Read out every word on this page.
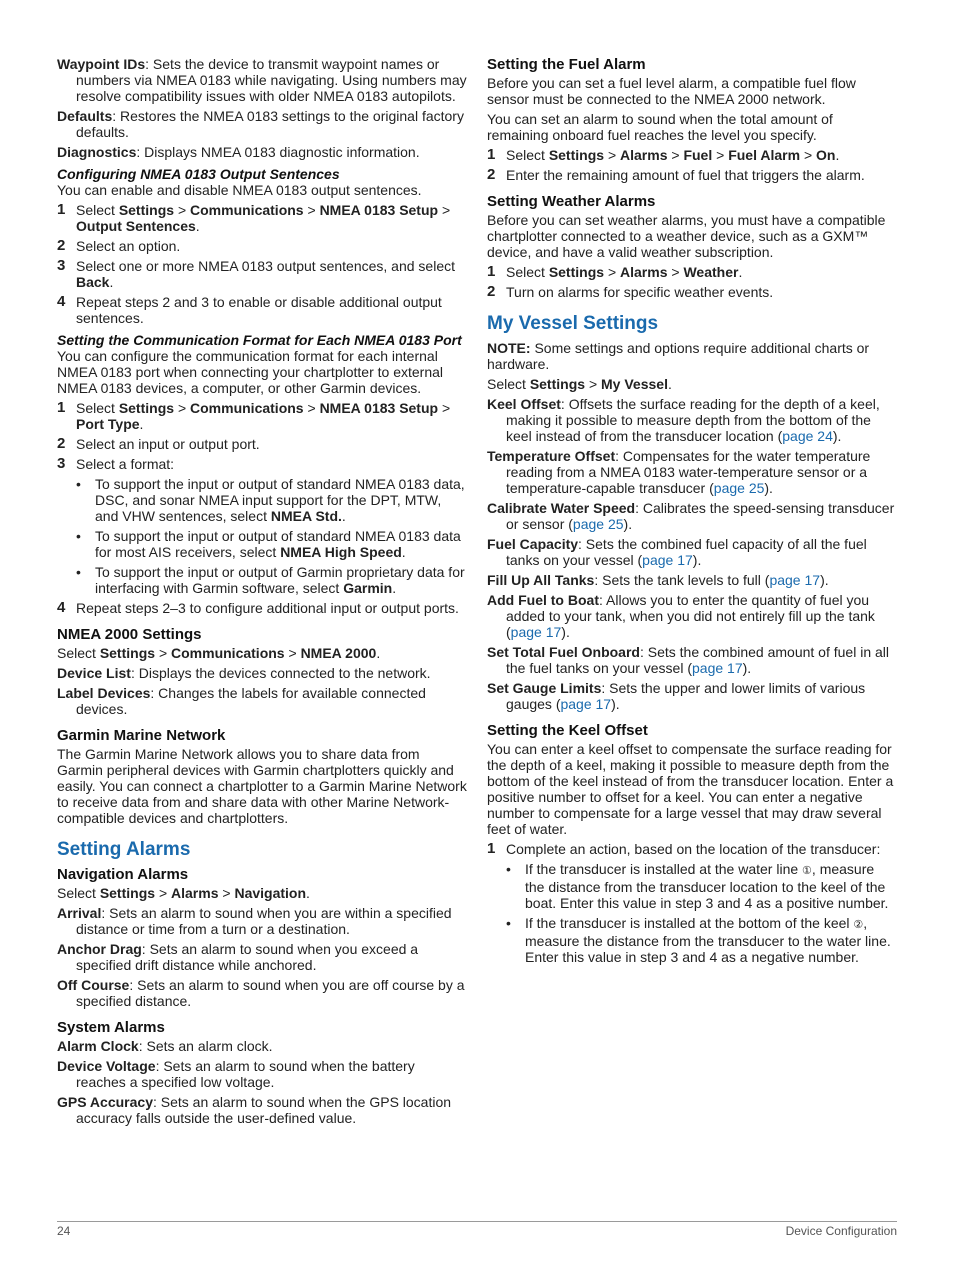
Waypoint IDs: Sets the device to transmit waypoint names or numbers via NMEA 0183 while navigating. Using numbers may resolve compatibility issues with older NMEA 0183 autopilots.

Defaults: Restores the NMEA 0183 settings to the original factory defaults.

Diagnostics: Displays NMEA 0183 diagnostic information.

Configuring NMEA 0183 Output Sentences

You can enable and disable NMEA 0183 output sentences.

1 Select Settings > Communications > NMEA 0183 Setup > Output Sentences.
2 Select an option.
3 Select one or more NMEA 0183 output sentences, and select Back.
4 Repeat steps 2 and 3 to enable or disable additional output sentences.
Setting the Communication Format for Each NMEA 0183 Port

You can configure the communication format for each internal NMEA 0183 port when connecting your chartplotter to external NMEA 0183 devices, a computer, or other Garmin devices.

1 Select Settings > Communications > NMEA 0183 Setup > Port Type.
2 Select an input or output port.
3 Select a format:
•	To support the input or output of standard NMEA 0183 data, DSC, and sonar NMEA input support for the DPT, MTW, and VHW sentences, select NMEA Std..
•	To support the input or output of standard NMEA 0183 data for most AIS receivers, select NMEA High Speed.
•	To support the input or output of Garmin proprietary data for interfacing with Garmin software, select Garmin.
4 Repeat steps 2–3 to configure additional input or output ports.
NMEA 2000 Settings

Select Settings > Communications > NMEA 2000.

Device List: Displays the devices connected to the network.

Label Devices: Changes the labels for available connected devices.

Garmin Marine Network

The Garmin Marine Network allows you to share data from Garmin peripheral devices with Garmin chartplotters quickly and easily. You can connect a chartplotter to a Garmin Marine Network to receive data from and share data with other Marine Network-compatible devices and chartplotters.

Setting Alarms
Navigation Alarms

Select Settings > Alarms > Navigation.

Arrival: Sets an alarm to sound when you are within a specified distance or time from a turn or a destination.

Anchor Drag: Sets an alarm to sound when you exceed a specified drift distance while anchored.

Off Course: Sets an alarm to sound when you are off course by a specified distance.

System Alarms

Alarm Clock: Sets an alarm clock.

Device Voltage: Sets an alarm to sound when the battery reaches a specified low voltage.

GPS Accuracy: Sets an alarm to sound when the GPS location accuracy falls outside the user-defined value.

Setting the Fuel Alarm

Before you can set a fuel level alarm, a compatible fuel flow sensor must be connected to the NMEA 2000 network.

You can set an alarm to sound when the total amount of remaining onboard fuel reaches the level you specify.

1 Select Settings > Alarms > Fuel > Fuel Alarm > On.
2 Enter the remaining amount of fuel that triggers the alarm.
Setting Weather Alarms

Before you can set weather alarms, you must have a compatible chartplotter connected to a weather device, such as a GXM™ device, and have a valid weather subscription.

1 Select Settings > Alarms > Weather.
2 Turn on alarms for specific weather events.
My Vessel Settings

NOTE: Some settings and options require additional charts or hardware.

Select Settings > My Vessel.

Keel Offset: Offsets the surface reading for the depth of a keel, making it possible to measure depth from the bottom of the keel instead of from the transducer location (page 24).

Temperature Offset: Compensates for the water temperature reading from a NMEA 0183 water-temperature sensor or a temperature-capable transducer (page 25).

Calibrate Water Speed: Calibrates the speed-sensing transducer or sensor (page 25).

Fuel Capacity: Sets the combined fuel capacity of all the fuel tanks on your vessel (page 17).

Fill Up All Tanks: Sets the tank levels to full (page 17).

Add Fuel to Boat: Allows you to enter the quantity of fuel you added to your tank, when you did not entirely fill up the tank (page 17).

Set Total Fuel Onboard: Sets the combined amount of fuel in all the fuel tanks on your vessel (page 17).

Set Gauge Limits: Sets the upper and lower limits of various gauges (page 17).

Setting the Keel Offset

You can enter a keel offset to compensate the surface reading for the depth of a keel, making it possible to measure depth from the bottom of the keel instead of from the transducer location. Enter a positive number to offset for a keel. You can enter a negative number to compensate for a large vessel that may draw several feet of water.

1 Complete an action, based on the location of the transducer:
•	If the transducer is installed at the water line ①, measure the distance from the transducer location to the keel of the boat. Enter this value in step 3 and 4 as a positive number.
•	If the transducer is installed at the bottom of the keel ②, measure the distance from the transducer to the water line. Enter this value in step 3 and 4 as a negative number.
24	Device Configuration
